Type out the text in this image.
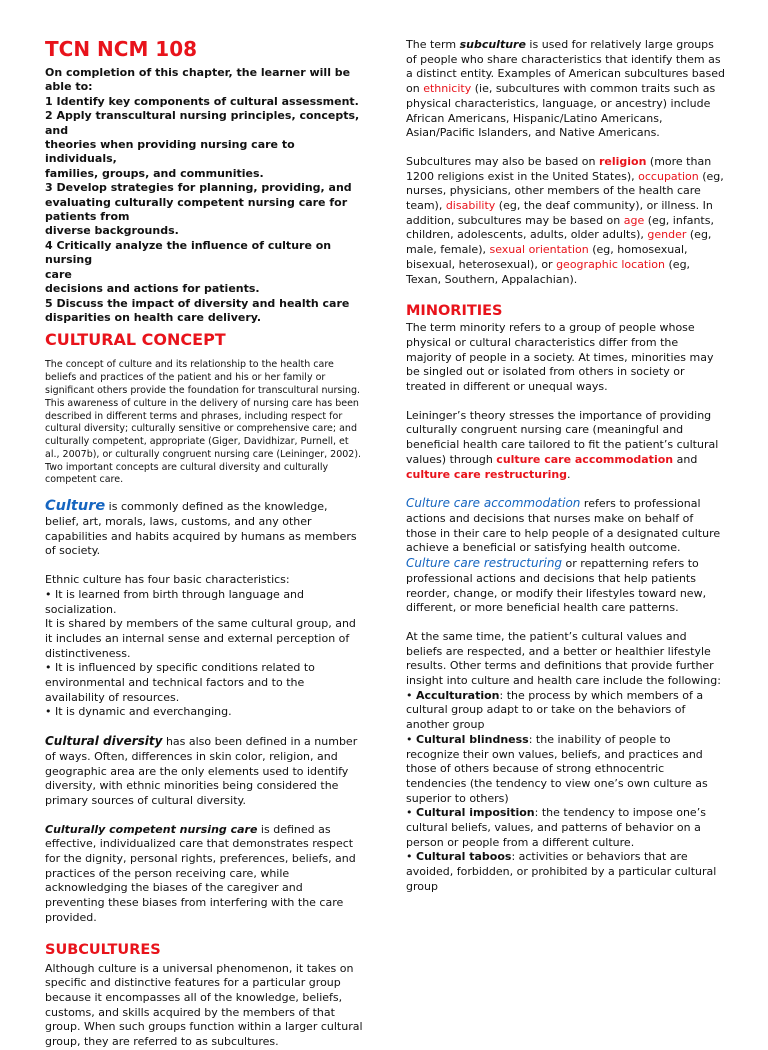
TCN NCM 108

On completion of this chapter, the learner will be

able to:

1 Identify key components of cultural assessment.

2 Apply transcultural nursing principles, concepts, and

theories when providing nursing care to individuals,

families, groups, and communities.

3 Develop strategies for planning, providing, and

evaluating culturally competent nursing care for

patients from

diverse backgrounds.

4 Critically analyze the influence of culture on nursing

care

decisions and actions for patients.

5 Discuss the impact of diversity and health care

disparities on health care delivery.

CULTURAL CONCEPT

The concept of culture and its relationship to the health care beliefs and practices of the patient and his or her family or significant others provide the foundation for transcultural nursing. This awareness of culture in the delivery of nursing care has been described in different terms and phrases, including respect for cultural diversity; culturally sensitive or comprehensive care; and culturally competent, appropriate (Giger, Davidhizar, Purnell, et al., 2007b), or culturally congruent nursing care (Leininger, 2002). Two important concepts are cultural diversity and culturally competent care.

Culture is commonly defined as the knowledge, belief, art, morals, laws, customs, and any other capabilities and habits acquired by humans as members of society.

Ethnic culture has four basic characteristics:

• It is learned from birth through language and socialization.

It is shared by members of the same cultural group, and it includes an internal sense and external perception of distinctiveness.

• It is influenced by specific conditions related to environmental and technical factors and to the availability of resources.

• It is dynamic and everchanging.

Cultural diversity has also been defined in a number of ways. Often, differences in skin color, religion, and geographic area are the only elements used to identify diversity, with ethnic minorities being considered the primary sources of cultural diversity.

Culturally competent nursing care is defined as effective, individualized care that demonstrates respect for the dignity, personal rights, preferences, beliefs, and practices of the person receiving care, while acknowledging the biases of the caregiver and preventing these biases from interfering with the care provided.

SUBCULTURES

Although culture is a universal phenomenon, it takes on specific and distinctive features for a particular group because it encompasses all of the knowledge, beliefs, customs, and skills acquired by the members of that group. When such groups function within a larger cultural group, they are referred to as subcultures.

The term subculture is used for relatively large groups of people who share characteristics that identify them as a distinct entity. Examples of American subcultures based on ethnicity (ie, subcultures with common traits such as physical characteristics, language, or ancestry) include African Americans, Hispanic/Latino Americans, Asian/Pacific Islanders, and Native Americans.

Subcultures may also be based on religion (more than 1200 religions exist in the United States), occupation (eg, nurses, physicians, other members of the health care team), disability (eg, the deaf community), or illness. In addition, subcultures may be based on age (eg, infants, children, adolescents, adults, older adults), gender (eg, male, female), sexual orientation (eg, homosexual, bisexual, heterosexual), or geographic location (eg, Texan, Southern, Appalachian).

MINORITIES

The term minority refers to a group of people whose physical or cultural characteristics differ from the majority of people in a society. At times, minorities may be singled out or isolated from others in society or treated in different or unequal ways.

Leininger’s theory stresses the importance of providing culturally congruent nursing care (meaningful and beneficial health care tailored to fit the patient’s cultural values) through culture care accommodation and culture care restructuring.

Culture care accommodation refers to professional actions and decisions that nurses make on behalf of those in their care to help people of a designated culture achieve a beneficial or satisfying health outcome.

Culture care restructuring or repatterning refers to professional actions and decisions that help patients reorder, change, or modify their lifestyles toward new, different, or more beneficial health care patterns.

At the same time, the patient’s cultural values and beliefs are respected, and a better or healthier lifestyle results. Other terms and definitions that provide further insight into culture and health care include the following:

• Acculturation: the process by which members of a cultural group adapt to or take on the behaviors of another group

• Cultural blindness: the inability of people to recognize their own values, beliefs, and practices and those of others because of strong ethnocentric tendencies (the tendency to view one’s own culture as superior to others)

• Cultural imposition: the tendency to impose one’s cultural beliefs, values, and patterns of behavior on a person or people from a different culture.

• Cultural taboos: activities or behaviors that are avoided, forbidden, or prohibited by a particular cultural group
